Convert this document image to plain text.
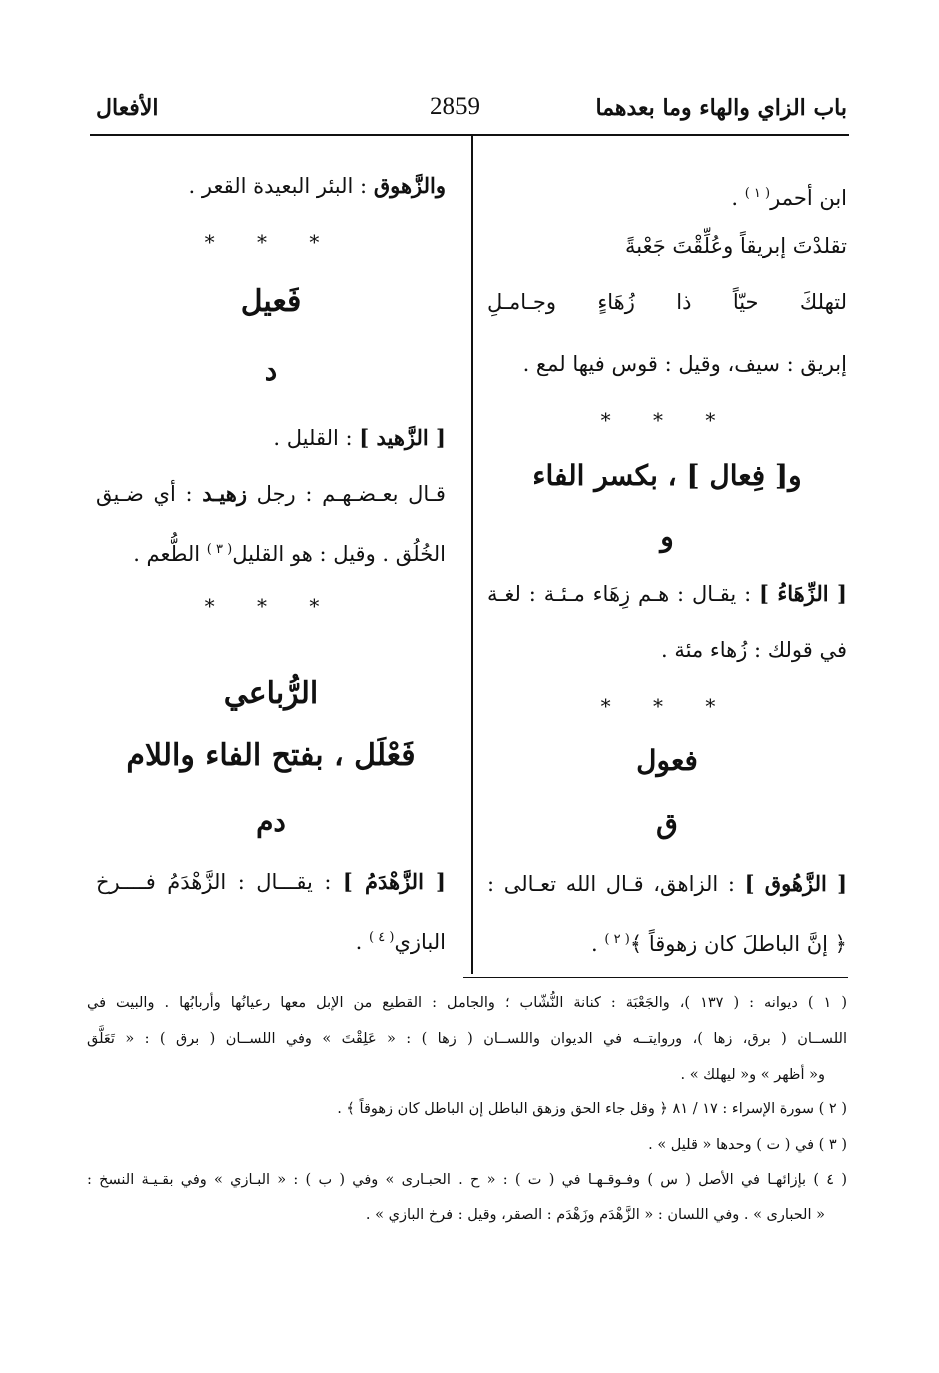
باب الزاي والهاء وما بعدهما
2859
الأفعال
ابن أحمر$^{( ١ )}$ .
تقلدْتَ إبريقاً وعُلِّقْتَ جَعْبةً
لتهلكَ حيّاً ذا زُهَاءٍ وجـامـلِ
إبريق : سيف، وقيل : قوس فيها لمع .
* * *
و[ فِعال ] ، بكسر الفاء
و
[ الزِّهَاءُ ] : يقـال : هـم زِهَاء مـئـة : لغـة
في قولك : زُهاء مئة .
* * *
فعول
ق
[ الزَّهُوق ] : الزاهق، قـال الله تعـالى :
﴿ إنَّ الباطلَ كان زهوقاً ﴾$^{( ٢ )}$ .
والزَّهوق : البئر البعيدة القعر .
* * *
فَعيل
د
[ الزَّهيد ] : القليل .
قـال بعـضـهـم : رجل زهيـد : أي ضـيق
الخُلُق . وقيل : هو القليل$^{( ٣ )}$ الطُّعم .
* * *
الرُّباعي
فَعْلَل ، بفتح الفاء واللام
دم
[ الزَّهْدَمُ ] : يقـــال : الزَّهْدَمُ فــــرخ
البازي$^{( ٤ )}$ .
( ١ ) ديوانه : ( ١٣٧ )، والجَعْبَة : كنانة النُّشّاب ؛ والجامل : القطيع من الإبل معها رعيانُها وأربابُها . والبيت في
اللســان ( برق، زها )، وروايتــه في الديوان واللســان ( زها ) : « عَلِقْتَ » وفي اللســان ( برق ) : « تَعَلَّق
و« أظهر » و« ليهلك » .
( ٢ ) سورة الإسراء : ١٧ / ٨١ ﴿ وقل جاء الحق وزهق الباطل إن الباطل كان زهوقاً ﴾ .
( ٣ ) في ( ت ) وحدها « قليل » .
( ٤ ) بإزائهـا في الأصل ( س ) وفـوقـهـا في ( ت ) : « ح . الحبـارى » وفي ( ب ) : « البـازي » وفي بقـيـة النسخ :
« الحبارى » . وفي اللسان : « الزَّهْدَم وزَهْدَم : الصقر، وقيل : فرخ البازي » .
